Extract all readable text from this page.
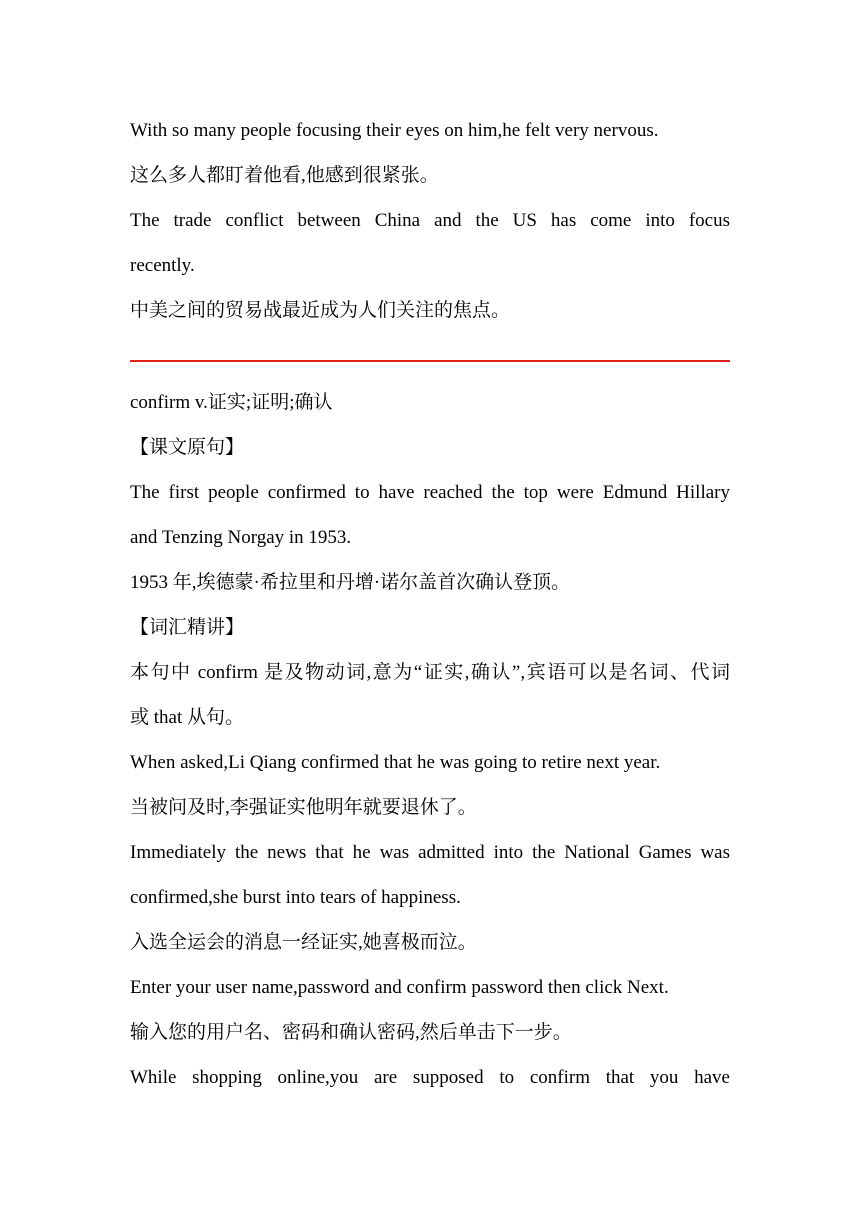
With so many people focusing their eyes on him,he felt very nervous.
这么多人都盯着他看,他感到很紧张。
The trade conflict between China and the US has come into focus
recently.
中美之间的贸易战最近成为人们关注的焦点。
confirm v.证实;证明;确认
【课文原句】
The first people confirmed to have reached the top were Edmund Hillary
and Tenzing Norgay in 1953.
1953 年,埃德蒙·希拉里和丹增·诺尔盖首次确认登顶。
【词汇精讲】
本句中 confirm 是及物动词,意为“证实,确认”,宾语可以是名词、代词
或 that 从句。
When asked,Li Qiang confirmed that he was going to retire next year.
当被问及时,李强证实他明年就要退休了。
Immediately the news that he was admitted into the National Games was
confirmed,she burst into tears of happiness.
入选全运会的消息一经证实,她喜极而泣。
Enter your user name,password and confirm password then click Next.
输入您的用户名、密码和确认密码,然后单击下一步。
While shopping online,you are supposed to confirm that you have
